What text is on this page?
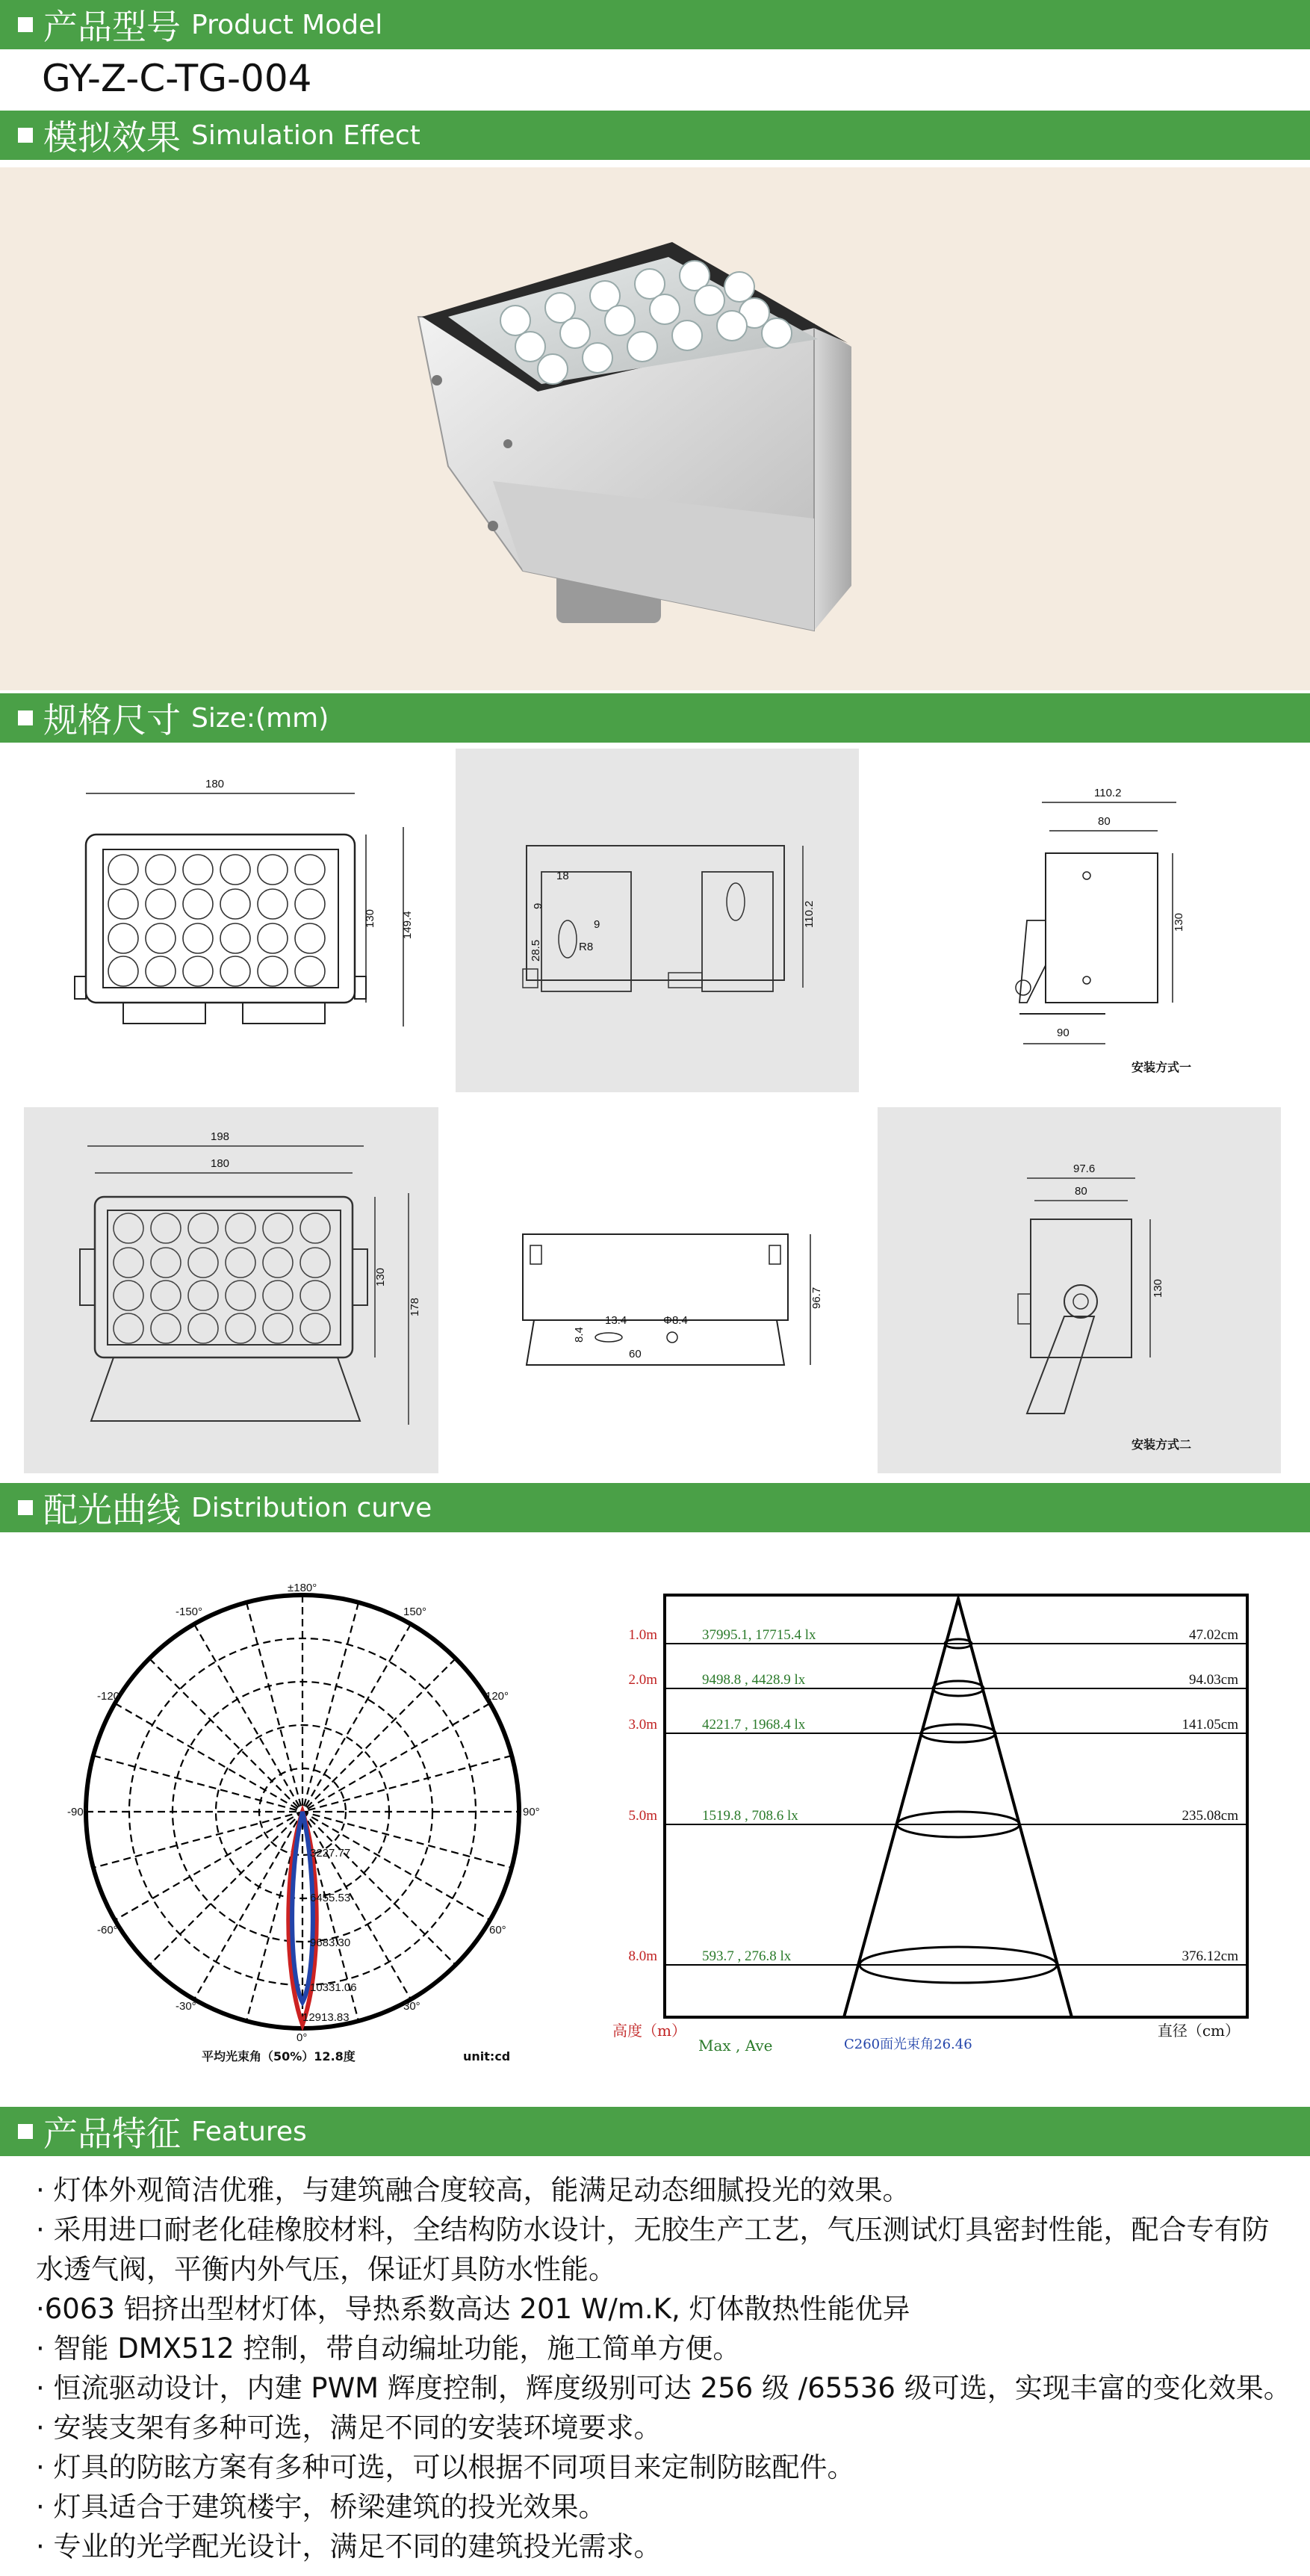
产品型号 Product Model
GY-Z-C-TG-004
模拟效果 Simulation Effect
规格尺寸 Size:(mm)
180
130 149.4
18
9
9
28.5	R8
110.2
110.2
80
90
130
安装方式一
198
180
130
178
13.4
8.4
Φ8.4
60
96.7
97.6
80
130
安装方式二
配光曲线 Distribution curve
±180°
-150°	150°
-120°	120°
-90°	90°
-60°	60°
-30°	30°
0°
3227.77
6455.53
9683.30
10331.06
12913.83
平均光束角（50%）12.8度	unit:cd
1.0m	37995.1, 17715.4 lx	47.02cm
2.0m	9498.8 , 4428.9 lx	94.03cm
3.0m	4221.7 , 1968.4 lx	141.05cm
5.0m	1519.8 , 708.6 lx	235.08cm
8.0m	593.7 , 276.8 lx	376.12cm
高度（m）	直径（cm）
Max , Ave	C260面光束角26.46
产品特征 Features
· 灯体外观简洁优雅，与建筑融合度较高，能满足动态细腻投光的效果。
· 采用进口耐老化硅橡胶材料，全结构防水设计，无胶生产工艺，气压测试灯具密封性能，配合专有防
水透气阀，平衡内外气压，保证灯具防水性能。
·6063 铝挤出型材灯体，导热系数高达 201 W/m.K, 灯体散热性能优异
· 智能 DMX512 控制，带自动编址功能，施工简单方便。
· 恒流驱动设计，内建 PWM 辉度控制，辉度级别可达 256 级 /65536 级可选，实现丰富的变化效果。
· 安装支架有多种可选，满足不同的安装环境要求。
· 灯具的防眩方案有多种可选，可以根据不同项目来定制防眩配件。
· 灯具适合于建筑楼宇，桥梁建筑的投光效果。
· 专业的光学配光设计，满足不同的建筑投光需求。
